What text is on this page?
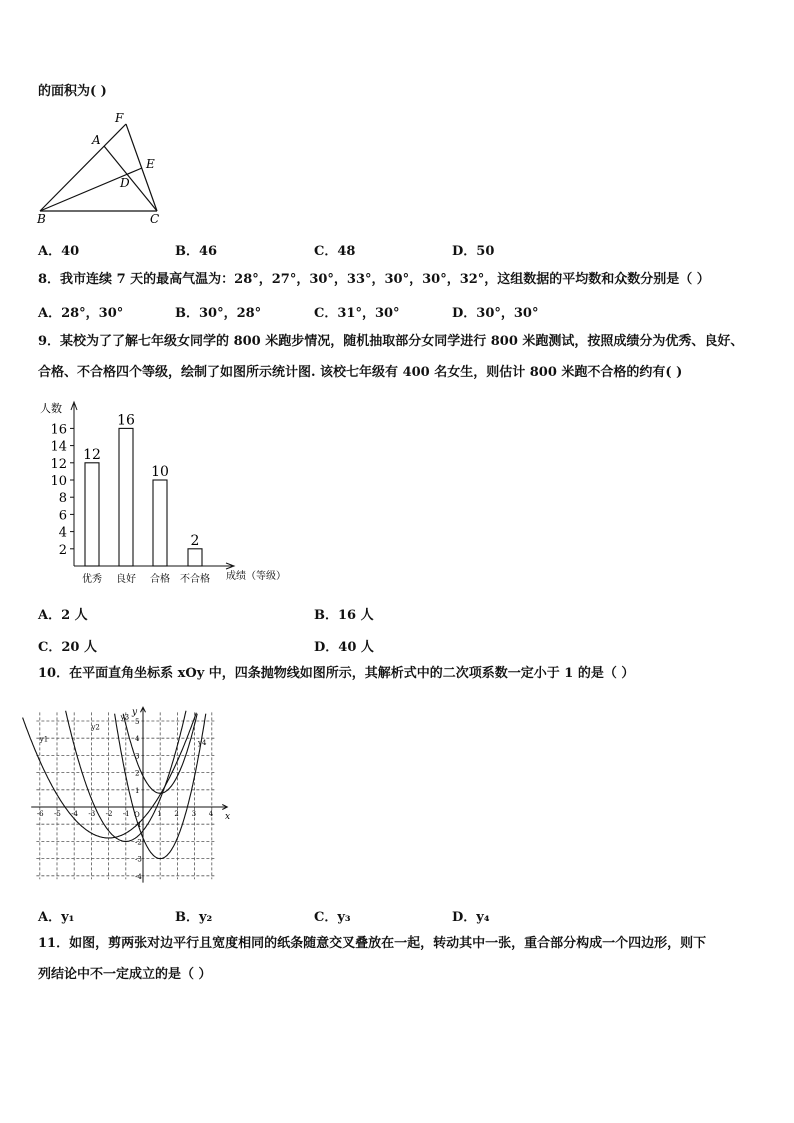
的面积为( )
F
A
E
D
B	C
A．40	B．46	C．48	D．50
8．我市连续 7 天的最高气温为：28°，27°，30°，33°，30°，30°，32°，这组数据的平均数和众数分别是（ ）
A．28°，30°	B．30°，28°	C．31°，30°	D．30°，30°
9．某校为了了解七年级女同学的 800 米跑步情况，随机抽取部分女同学进行 800 米跑测试，按照成绩分为优秀、良好、
合格、不合格四个等级，绘制了如图所示统计图. 该校七年级有 400 名女生，则估计 800 米跑不合格的约有( )
人数
成绩（等级）
2
4
6
8
10
12
14
16
12
优秀
16
良好
10
合格
2
不合格
A．2 人	B．16 人
C．20 人	D．40 人
10．在平面直角坐标系 xOy 中，四条抛物线如图所示，其解析式中的二次项系数一定小于 1 的是（ ）
-6 -5 -4 -3 -2 -1	1 2 3 4
5
4
3
2
1
-1
-2
-3
-4
x
y
O
y1
y2
y3
y4
A．y₁	B．y₂	C．y₃	D．y₄
11．如图，剪两张对边平行且宽度相同的纸条随意交叉叠放在一起，转动其中一张，重合部分构成一个四边形，则下
列结论中不一定成立的是（ ）
